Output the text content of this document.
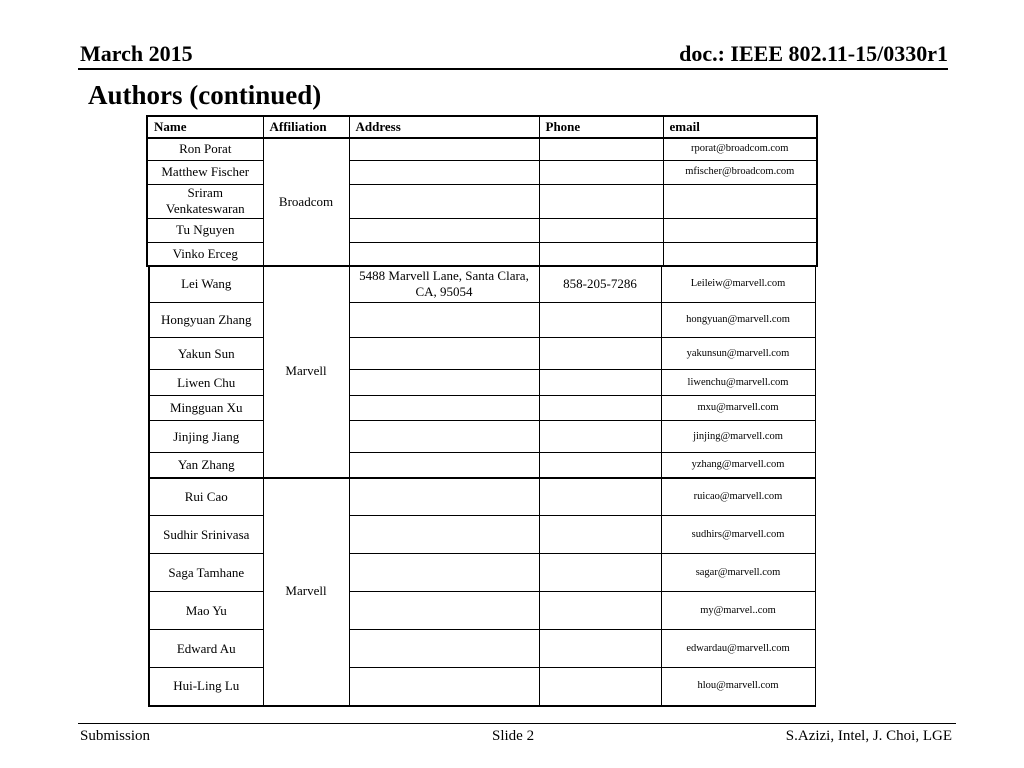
March 2015	doc.: IEEE 802.11-15/0330r1
Authors (continued)
Name	Affiliation	Address	Phone	email
Ron Porat	Broadcom			rporat@broadcom.com
Matthew Fischer				mfischer@broadcom.com
Sriram Venkateswaran				
Tu Nguyen				
Vinko Erceg				
Lei Wang	Marvell	5488 Marvell Lane, Santa Clara, CA, 95054	858-205-7286	Leileiw@marvell.com
Hongyuan Zhang				hongyuan@marvell.com
Yakun Sun				yakunsun@marvell.com
Liwen Chu				liwenchu@marvell.com
Mingguan Xu				mxu@marvell.com
Jinjing Jiang				jinjing@marvell.com
Yan Zhang				yzhang@marvell.com
Rui Cao	Marvell			ruicao@marvell.com
Sudhir Srinivasa				sudhirs@marvell.com
Saga Tamhane				sagar@marvell.com
Mao Yu				my@marvel..com
Edward Au				edwardau@marvell.com
Hui-Ling Lu				hlou@marvell.com
Submission	Slide 2	S.Azizi, Intel, J. Choi, LGE
